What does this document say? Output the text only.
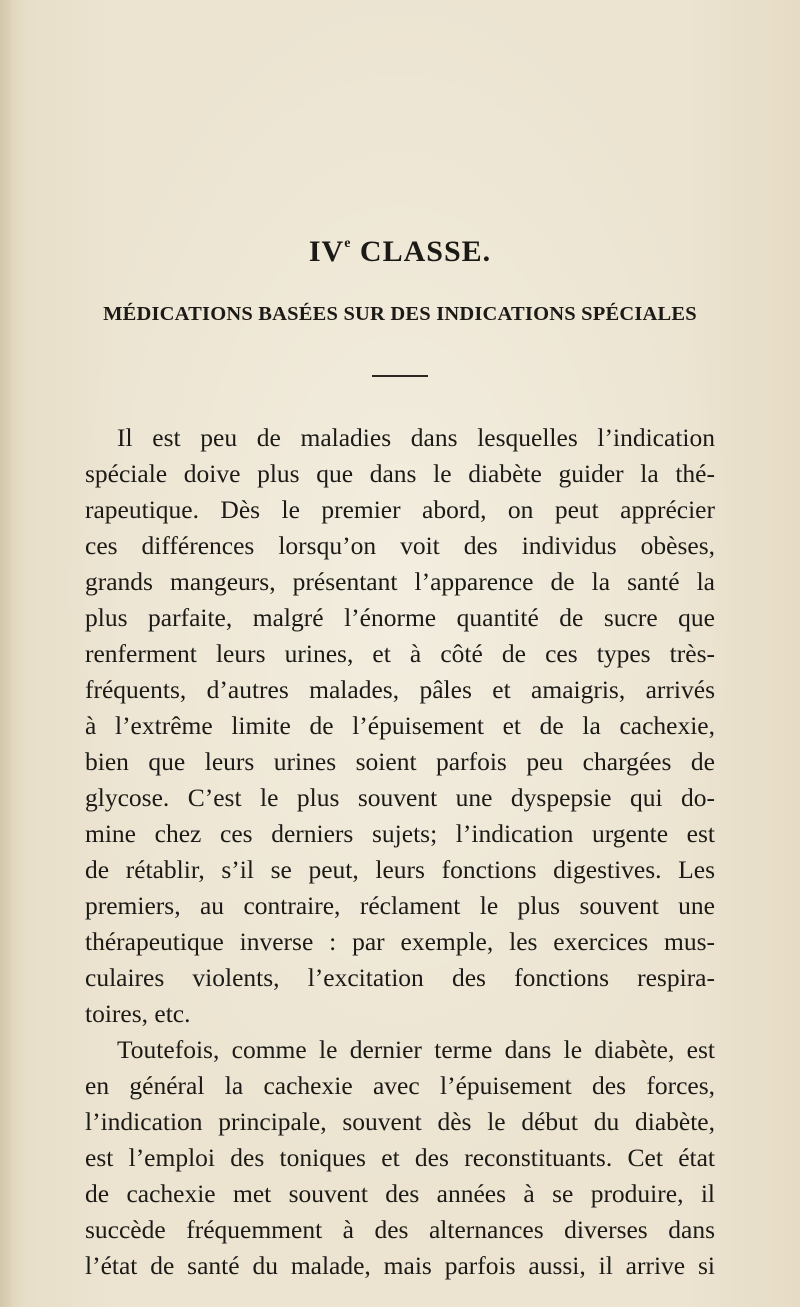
IVe CLASSE.
MÉDICATIONS BASÉES SUR DES INDICATIONS SPÉCIALES
Il est peu de maladies dans lesquelles l’indication
spéciale doive plus que dans le diabète guider la thé-
rapeutique. Dès le premier abord, on peut apprécier
ces différences lorsqu’on voit des individus obèses,
grands mangeurs, présentant l’apparence de la santé la
plus parfaite, malgré l’énorme quantité de sucre que
renferment leurs urines, et à côté de ces types très-
fréquents, d’autres malades, pâles et amaigris, arrivés
à l’extrême limite de l’épuisement et de la cachexie,
bien que leurs urines soient parfois peu chargées de
glycose. C’est le plus souvent une dyspepsie qui do-
mine chez ces derniers sujets; l’indication urgente est
de rétablir, s’il se peut, leurs fonctions digestives. Les
premiers, au contraire, réclament le plus souvent une
thérapeutique inverse : par exemple, les exercices mus-
culaires violents, l’excitation des fonctions respira-
toires, etc.
Toutefois, comme le dernier terme dans le diabète, est
en général la cachexie avec l’épuisement des forces,
l’indication principale, souvent dès le début du diabète,
est l’emploi des toniques et des reconstituants. Cet état
de cachexie met souvent des années à se produire, il
succède fréquemment à des alternances diverses dans
l’état de santé du malade, mais parfois aussi, il arrive si
